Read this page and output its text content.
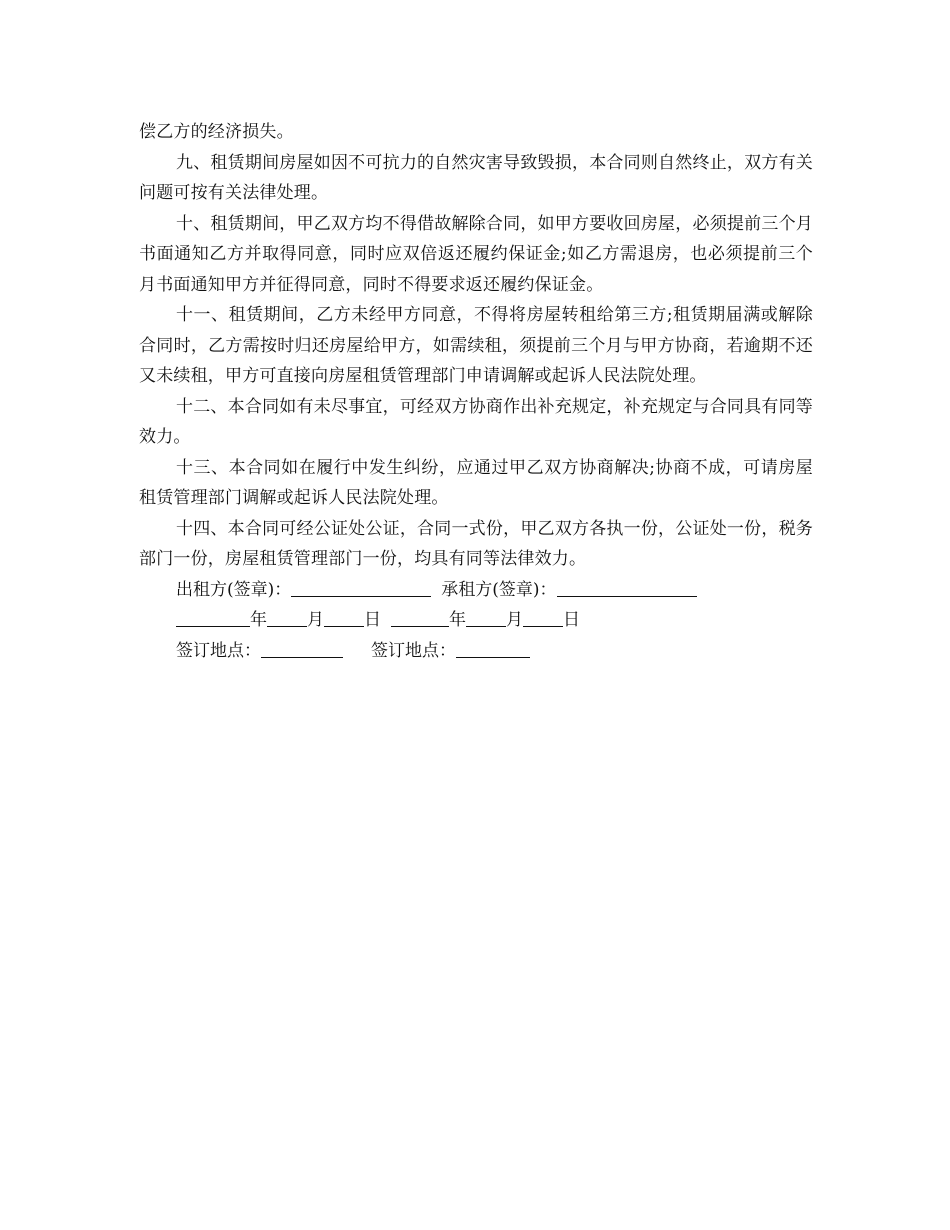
偿乙方的经济损失。

九、租赁期间房屋如因不可抗力的自然灾害导致毁损，本合同则自然终止，双方有关问题可按有关法律处理。

十、租赁期间，甲乙双方均不得借故解除合同，如甲方要收回房屋，必须提前三个月书面通知乙方并取得同意，同时应双倍返还履约保证金;如乙方需退房，也必须提前三个月书面通知甲方并征得同意，同时不得要求返还履约保证金。

十一、租赁期间，乙方未经甲方同意，不得将房屋转租给第三方;租赁期届满或解除合同时，乙方需按时归还房屋给甲方，如需续租，须提前三个月与甲方协商，若逾期不还又未续租，甲方可直接向房屋租赁管理部门申请调解或起诉人民法院处理。

十二、本合同如有未尽事宜，可经双方协商作出补充规定，补充规定与合同具有同等效力。

十三、本合同如在履行中发生纠纷，应通过甲乙双方协商解决;协商不成，可请房屋租赁管理部门调解或起诉人民法院处理。

十四、本合同可经公证处公证，合同一式份，甲乙双方各执一份，公证处一份，税务部门一份，房屋租赁管理部门一份，均具有同等法律效力。

出租方(签章)：	承租方(签章)：
年 月 日	年 月 日
签订地点：	签订地点：
